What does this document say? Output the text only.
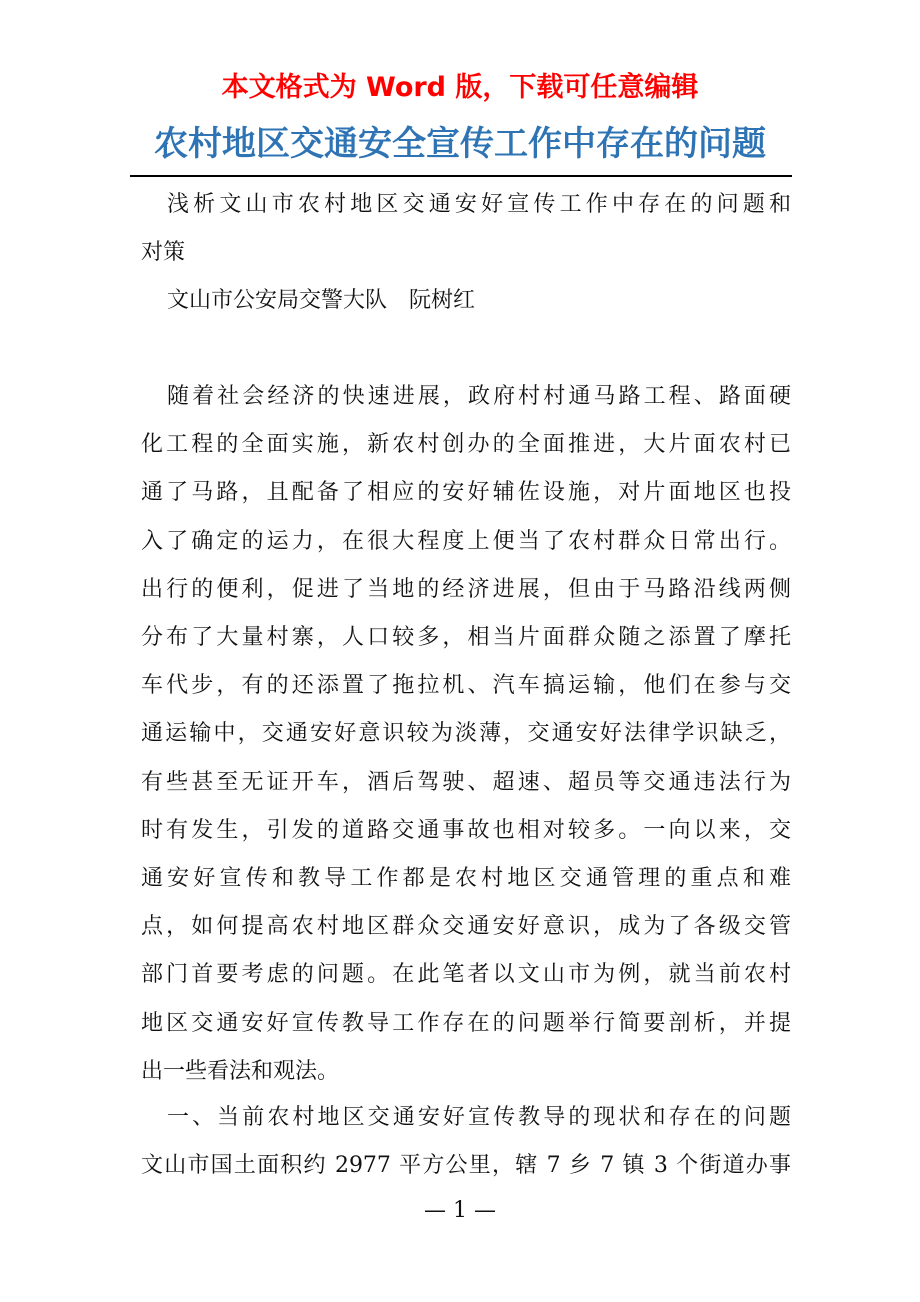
本文格式为 Word 版，下载可任意编辑
农村地区交通安全宣传工作中存在的问题
浅析文山市农村地区交通安好宣传工作中存在的问题和
对策
文山市公安局交警大队　阮树红
随着社会经济的快速进展，政府村村通马路工程、路面硬
化工程的全面实施，新农村创办的全面推进，大片面农村已
通了马路，且配备了相应的安好辅佐设施，对片面地区也投
入了确定的运力，在很大程度上便当了农村群众日常出行。
出行的便利，促进了当地的经济进展，但由于马路沿线两侧
分布了大量村寨，人口较多，相当片面群众随之添置了摩托
车代步，有的还添置了拖拉机、汽车搞运输，他们在参与交
通运输中，交通安好意识较为淡薄，交通安好法律学识缺乏，
有些甚至无证开车，酒后驾驶、超速、超员等交通违法行为
时有发生，引发的道路交通事故也相对较多。一向以来，交
通安好宣传和教导工作都是农村地区交通管理的重点和难
点，如何提高农村地区群众交通安好意识，成为了各级交管
部门首要考虑的问题。在此笔者以文山市为例，就当前农村
地区交通安好宣传教导工作存在的问题举行简要剖析，并提
出一些看法和观法。
一、当前农村地区交通安好宣传教导的现状和存在的问题
文山市国土面积约 2977 平方公里，辖 7 乡 7 镇 3 个街道办事
— 1 —
